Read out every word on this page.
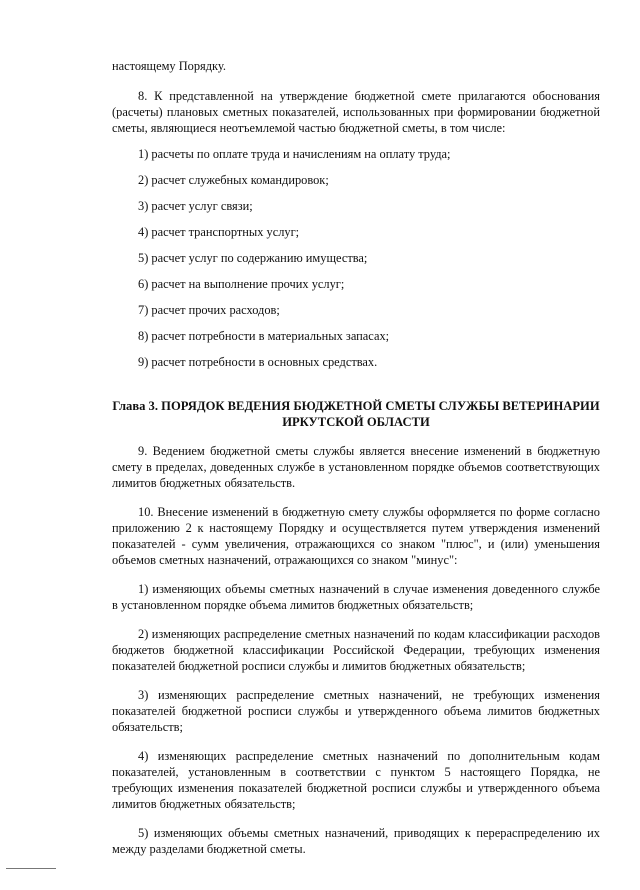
настоящему Порядку.

8. К представленной на утверждение бюджетной смете прилагаются обоснования (расчеты) плановых сметных показателей, использованных при формировании бюджетной сметы, являющиеся неотъемлемой частью бюджетной сметы, в том числе:

1) расчеты по оплате труда и начислениям на оплату труда;

2) расчет служебных командировок;

3) расчет услуг связи;

4) расчет транспортных услуг;

5) расчет услуг по содержанию имущества;

6) расчет на выполнение прочих услуг;

7) расчет прочих расходов;

8) расчет потребности в материальных запасах;

9) расчет потребности в основных средствах.

Глава 3. ПОРЯДОК ВЕДЕНИЯ БЮДЖЕТНОЙ СМЕТЫ СЛУЖБЫ ВЕТЕРИНАРИИ ИРКУТСКОЙ ОБЛАСТИ

9. Ведением бюджетной сметы службы является внесение изменений в бюджетную смету в пределах, доведенных службе в установленном порядке объемов соответствующих лимитов бюджетных обязательств.

10. Внесение изменений в бюджетную смету службы оформляется по форме согласно приложению 2 к настоящему Порядку и осуществляется путем утверждения изменений показателей - сумм увеличения, отражающихся со знаком "плюс", и (или) уменьшения объемов сметных назначений, отражающихся со знаком "минус":

1) изменяющих объемы сметных назначений в случае изменения доведенного службе в установленном порядке объема лимитов бюджетных обязательств;

2) изменяющих распределение сметных назначений по кодам классификации расходов бюджетов бюджетной классификации Российской Федерации, требующих изменения показателей бюджетной росписи службы и лимитов бюджетных обязательств;

3) изменяющих распределение сметных назначений, не требующих изменения показателей бюджетной росписи службы и утвержденного объема лимитов бюджетных обязательств;

4) изменяющих распределение сметных назначений по дополнительным кодам показателей, установленным в соответствии с пунктом 5 настоящего Порядка, не требующих изменения показателей бюджетной росписи службы и утвержденного объема лимитов бюджетных обязательств;

5) изменяющих объемы сметных назначений, приводящих к перераспределению их между разделами бюджетной сметы.
